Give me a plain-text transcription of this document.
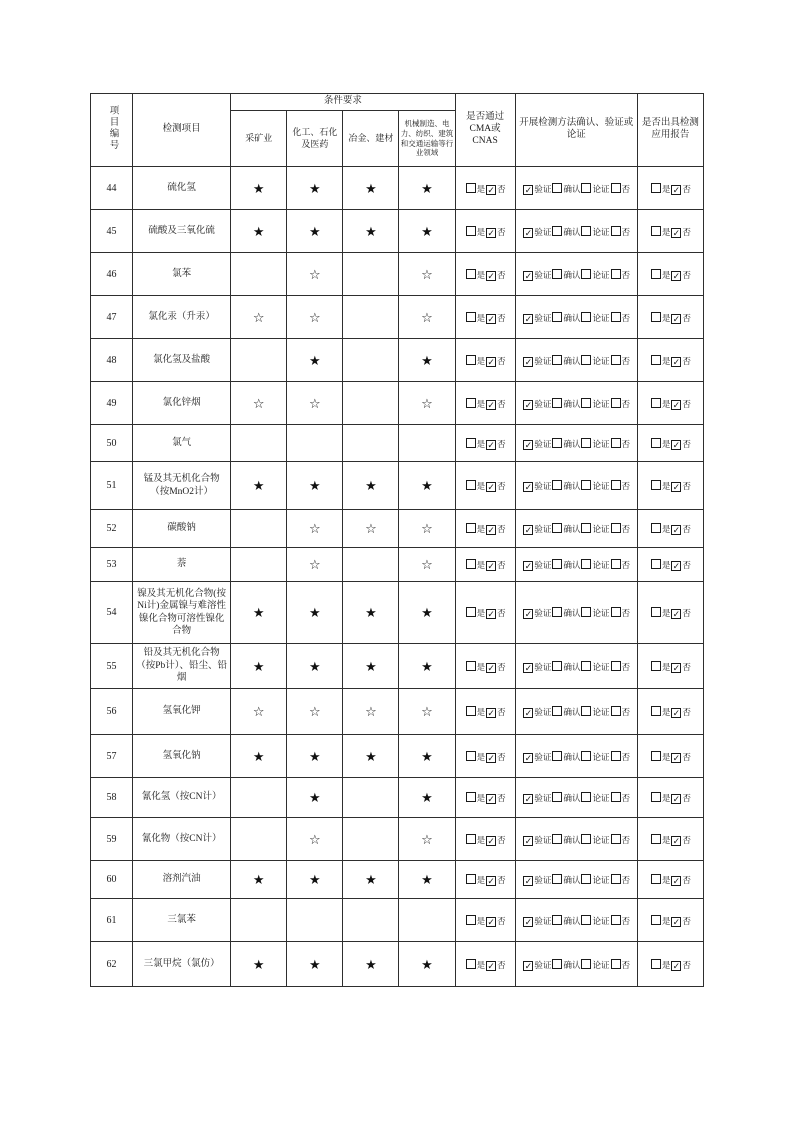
项目编号	检测项目	条件要求				是否通过CMA或CNAS	开展检测方法确认、验证或论证	是否出具检测应用报告
		采矿业	化工、石化及医药	冶金、建材	机械制造、电力、纺织、建筑和交通运输等行业领域			
44	硫化氢	★	★	★	★	是 ✓ 否	✓ 验证 确认 论证 否	是 ✓ 否
45	硫酸及三氧化硫	★	★	★	★	是 ✓ 否	✓ 验证 确认 论证 否	是 ✓ 否
46	氯苯		☆		☆	是 ✓ 否	✓ 验证 确认 论证 否	是 ✓ 否
47	氯化汞（升汞）	☆	☆		☆	是 ✓ 否	✓ 验证 确认 论证 否	是 ✓ 否
48	氯化氢及盐酸		★		★	是 ✓ 否	✓ 验证 确认 论证 否	是 ✓ 否
49	氯化锌烟	☆	☆		☆	是 ✓ 否	✓ 验证 确认 论证 否	是 ✓ 否
50	氯气					是 ✓ 否	✓ 验证 确认 论证 否	是 ✓ 否
51	锰及其无机化合物（按MnO2计）	★	★	★	★	是 ✓ 否	✓ 验证 确认 论证 否	是 ✓ 否
52	碳酸钠		☆	☆	☆	是 ✓ 否	✓ 验证 确认 论证 否	是 ✓ 否
53	萘		☆		☆	是 ✓ 否	✓ 验证 确认 论证 否	是 ✓ 否
54	镍及其无机化合物(按Ni计)金属镍与难溶性镍化合物可溶性镍化合物	★	★	★	★	是 ✓ 否	✓ 验证 确认 论证 否	是 ✓ 否
55	铅及其无机化合物（按Pb计）、铅尘、铅烟	★	★	★	★	是 ✓ 否	✓ 验证 确认 论证 否	是 ✓ 否
56	氢氧化钾	☆	☆	☆	☆	是 ✓ 否	✓ 验证 确认 论证 否	是 ✓ 否
57	氢氧化钠	★	★	★	★	是 ✓ 否	✓ 验证 确认 论证 否	是 ✓ 否
58	氰化氢（按CN计）		★		★	是 ✓ 否	✓ 验证 确认 论证 否	是 ✓ 否
59	氰化物（按CN计）		☆		☆	是 ✓ 否	✓ 验证 确认 论证 否	是 ✓ 否
60	溶剂汽油	★	★	★	★	是 ✓ 否	✓ 验证 确认 论证 否	是 ✓ 否
61	三氯苯					是 ✓ 否	✓ 验证 确认 论证 否	是 ✓ 否
62	三氯甲烷（氯仿）	★	★	★	★	是 ✓ 否	✓ 验证 确认 论证 否	是 ✓ 否
